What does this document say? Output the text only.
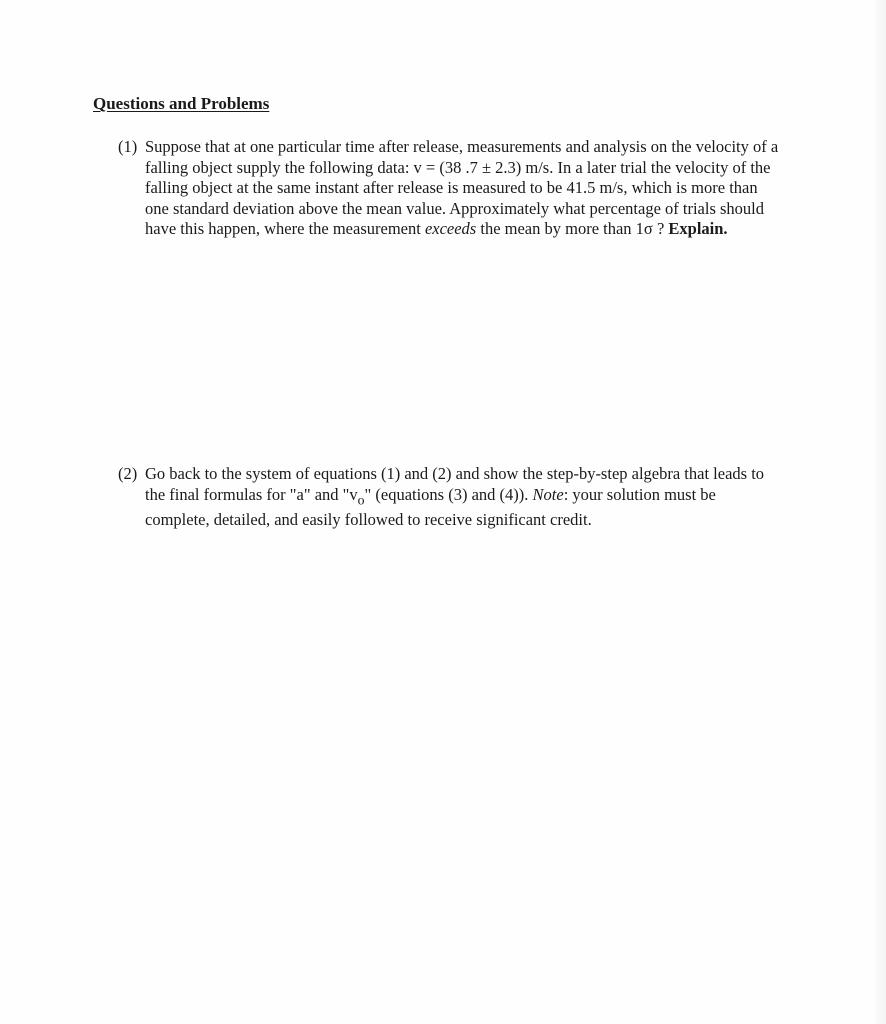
Questions and Problems
(1) Suppose that at one particular time after release, measurements and analysis on the velocity of a falling object supply the following data: v = (38 .7 ± 2.3) m/s. In a later trial the velocity of the falling object at the same instant after release is measured to be 41.5 m/s, which is more than one standard deviation above the mean value. Approximately what percentage of trials should have this happen, where the measurement exceeds the mean by more than 1σ ? Explain.

(2) Go back to the system of equations (1) and (2) and show the step-by-step algebra that leads to the final formulas for "a" and "$v_o$" (equations (3) and (4)). Note: your solution must be complete, detailed, and easily followed to receive significant credit.
